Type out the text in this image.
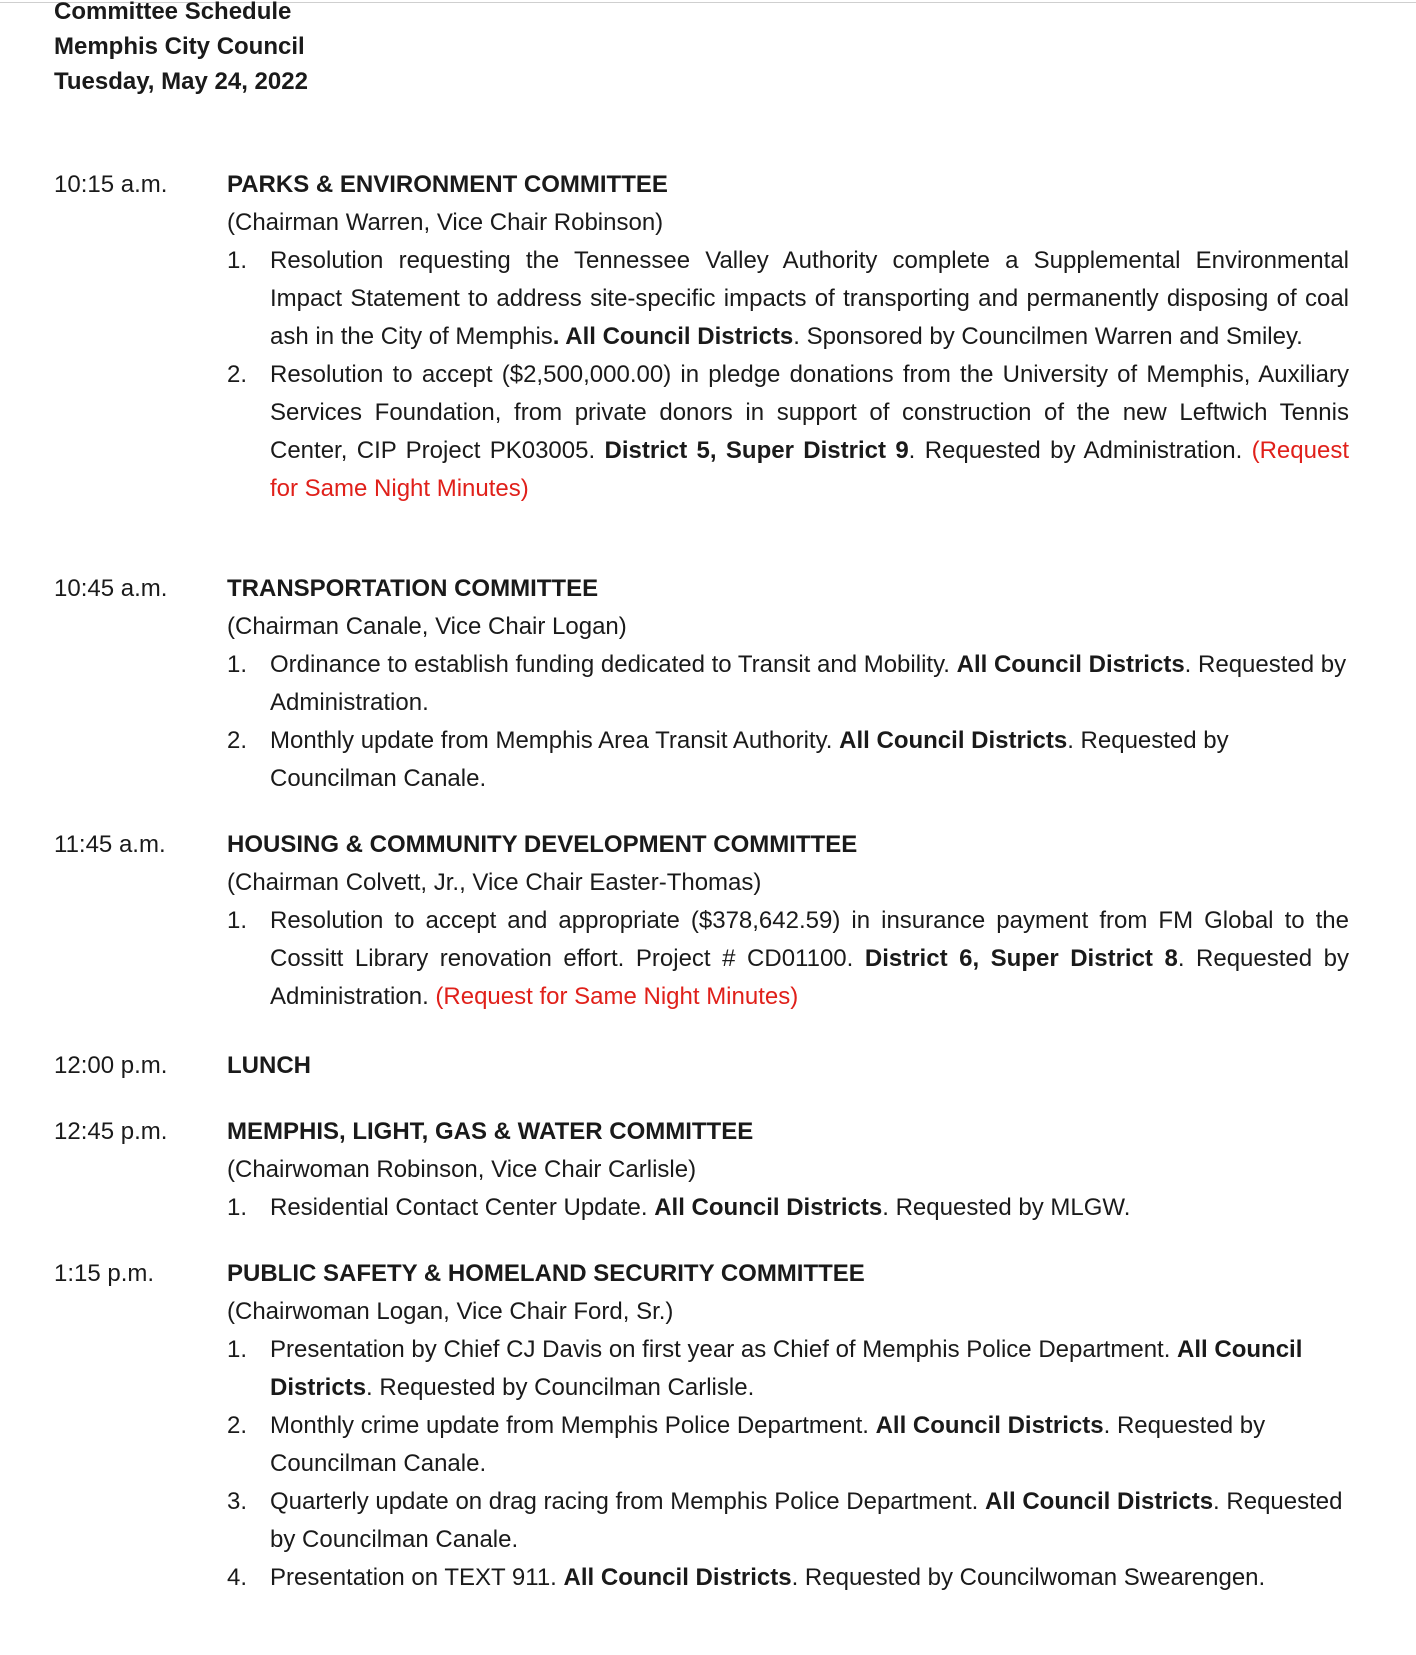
Committee Schedule
Memphis City Council
Tuesday, May 24, 2022
10:15 a.m. PARKS & ENVIRONMENT COMMITTEE
(Chairman Warren, Vice Chair Robinson)
1. Resolution requesting the Tennessee Valley Authority complete a Supplemental Environmental Impact Statement to address site-specific impacts of transporting and permanently disposing of coal ash in the City of Memphis. All Council Districts. Sponsored by Councilmen Warren and Smiley.
2. Resolution to accept ($2,500,000.00) in pledge donations from the University of Memphis, Auxiliary Services Foundation, from private donors in support of construction of the new Leftwich Tennis Center, CIP Project PK03005. District 5, Super District 9. Requested by Administration. (Request for Same Night Minutes)
10:45 a.m. TRANSPORTATION COMMITTEE
(Chairman Canale, Vice Chair Logan)
1. Ordinance to establish funding dedicated to Transit and Mobility. All Council Districts. Requested by Administration.
2. Monthly update from Memphis Area Transit Authority. All Council Districts. Requested by Councilman Canale.
11:45 a.m.	HOUSING & COMMUNITY DEVELOPMENT COMMITTEE
(Chairman Colvett, Jr., Vice Chair Easter-Thomas)
1. Resolution to accept and appropriate ($378,642.59) in insurance payment from FM Global to the Cossitt Library renovation effort. Project # CD01100. District 6, Super District 8. Requested by Administration. (Request for Same Night Minutes)
12:00 p.m. LUNCH
12:45 p.m. MEMPHIS, LIGHT, GAS & WATER COMMITTEE
(Chairwoman Robinson, Vice Chair Carlisle)
1. Residential Contact Center Update. All Council Districts. Requested by MLGW.
1:15 p.m.	PUBLIC SAFETY & HOMELAND SECURITY COMMITTEE
(Chairwoman Logan, Vice Chair Ford, Sr.)
1. Presentation by Chief CJ Davis on first year as Chief of Memphis Police Department. All Council Districts. Requested by Councilman Carlisle.
2. Monthly crime update from Memphis Police Department. All Council Districts. Requested by Councilman Canale.
3. Quarterly update on drag racing from Memphis Police Department. All Council Districts. Requested by Councilman Canale.
4. Presentation on TEXT 911. All Council Districts. Requested by Councilwoman Swearengen.
